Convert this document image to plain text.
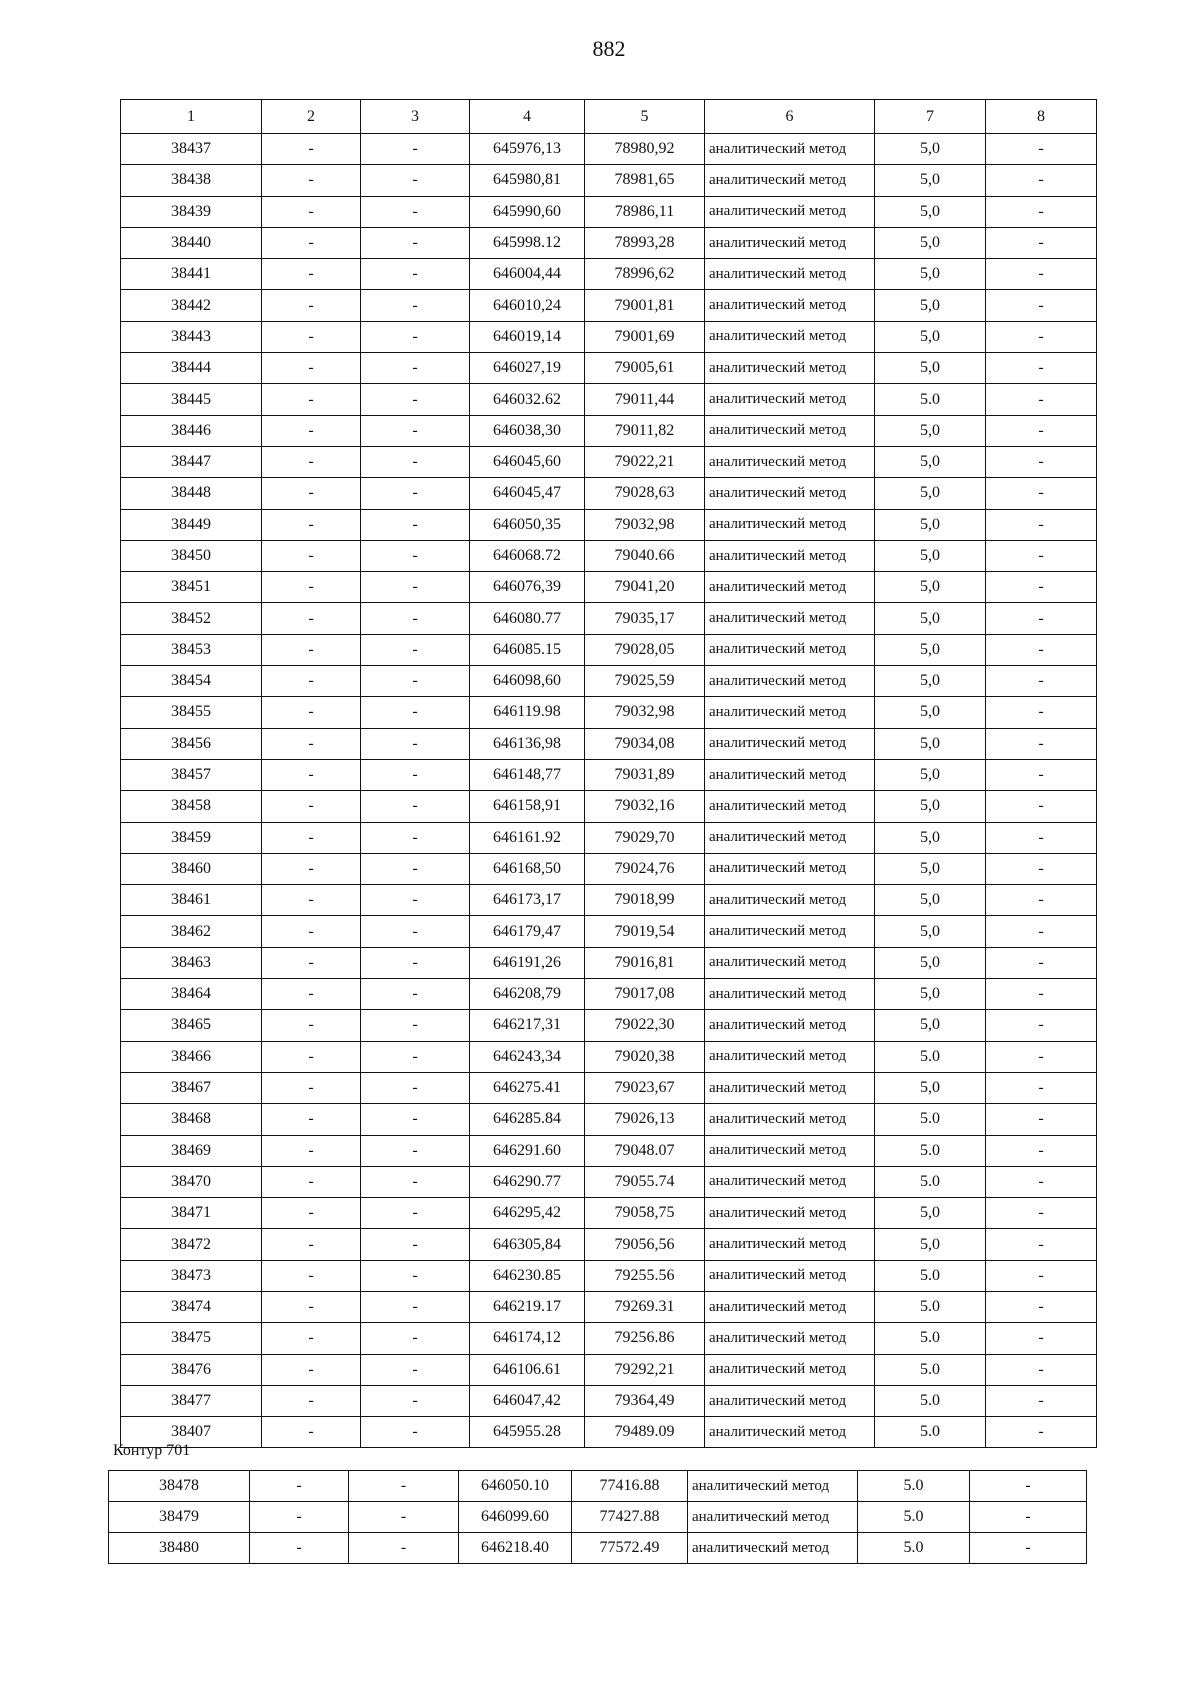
882
1	2	3	4	5	6	7	8
38437	-	-	645976,13	78980,92	аналитический метод	5,0	-
38438	-	-	645980,81	78981,65	аналитический метод	5,0	-
38439	-	-	645990,60	78986,11	аналитический метод	5,0	-
38440	-	-	645998.12	78993,28	аналитический метод	5,0	-
38441	-	-	646004,44	78996,62	аналитический метод	5,0	-
38442	-	-	646010,24	79001,81	аналитический метод	5,0	-
38443	-	-	646019,14	79001,69	аналитический метод	5,0	-
38444	-	-	646027,19	79005,61	аналитический метод	5,0	-
38445	-	-	646032.62	79011,44	аналитический метод	5.0	-
38446	-	-	646038,30	79011,82	аналитический метод	5,0	-
38447	-	-	646045,60	79022,21	аналитический метод	5,0	-
38448	-	-	646045,47	79028,63	аналитический метод	5,0	-
38449	-	-	646050,35	79032,98	аналитический метод	5,0	-
38450	-	-	646068.72	79040.66	аналитический метод	5,0	-
38451	-	-	646076,39	79041,20	аналитический метод	5,0	-
38452	-	-	646080.77	79035,17	аналитический метод	5,0	-
38453	-	-	646085.15	79028,05	аналитический метод	5,0	-
38454	-	-	646098,60	79025,59	аналитический метод	5,0	-
38455	-	-	646119.98	79032,98	аналитический метод	5,0	-
38456	-	-	646136,98	79034,08	аналитический метод	5,0	-
38457	-	-	646148,77	79031,89	аналитический метод	5,0	-
38458	-	-	646158,91	79032,16	аналитический метод	5,0	-
38459	-	-	646161.92	79029,70	аналитический метод	5,0	-
38460	-	-	646168,50	79024,76	аналитический метод	5,0	-
38461	-	-	646173,17	79018,99	аналитический метод	5,0	-
38462	-	-	646179,47	79019,54	аналитический метод	5,0	-
38463	-	-	646191,26	79016,81	аналитический метод	5,0	-
38464	-	-	646208,79	79017,08	аналитический метод	5,0	-
38465	-	-	646217,31	79022,30	аналитический метод	5,0	-
38466	-	-	646243,34	79020,38	аналитический метод	5.0	-
38467	-	-	646275.41	79023,67	аналитический метод	5,0	-
38468	-	-	646285.84	79026,13	аналитический метод	5.0	-
38469	-	-	646291.60	79048.07	аналитический метод	5.0	-
38470	-	-	646290.77	79055.74	аналитический метод	5.0	-
38471	-	-	646295,42	79058,75	аналитический метод	5,0	-
38472	-	-	646305,84	79056,56	аналитический метод	5,0	-
38473	-	-	646230.85	79255.56	аналитический метод	5.0	-
38474	-	-	646219.17	79269.31	аналитический метод	5.0	-
38475	-	-	646174,12	79256.86	аналитический метод	5.0	-
38476	-	-	646106.61	79292,21	аналитический метод	5.0	-
38477	-	-	646047,42	79364,49	аналитический метод	5.0	-
38407	-	-	645955.28	79489.09	аналитический метод	5.0	-
Контур 701
38478	-	-	646050.10	77416.88	аналитический метод	5.0	-
38479	-	-	646099.60	77427.88	аналитический метод	5.0	-
38480	-	-	646218.40	77572.49	аналитический метод	5.0	-
